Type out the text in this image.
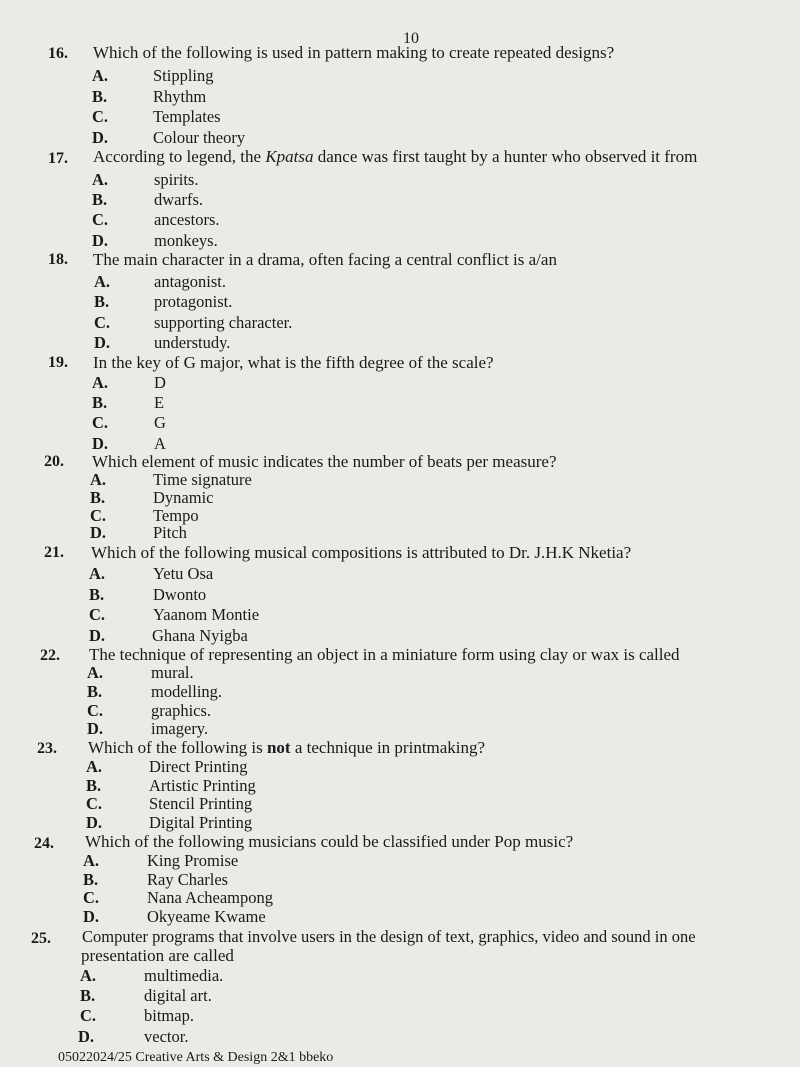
10
16. Which of the following is used in pattern making to create repeated designs?
A.	Stippling
B.	Rhythm
C.	Templates
D.	Colour theory
17. According to legend, the Kpatsa dance was first taught by a hunter who observed it from
A.	spirits.
B.	dwarfs.
C.	ancestors.
D.	monkeys.
18. The main character in a drama, often facing a central conflict is a/an
A.	antagonist.
B.	protagonist.
C.	supporting character.
D.	understudy.
19. In the key of G major, what is the fifth degree of the scale?
A.	D
B.	E
C.	G
D.	A
20. Which element of music indicates the number of beats per measure?
A.	Time signature
B.	Dynamic
C.	Tempo
D.	Pitch
21. Which of the following musical compositions is attributed to Dr. J.H.K Nketia?
A.	Yetu Osa
B.	Dwonto
C.	Yaanom Montie
D.	Ghana Nyigba
22. The technique of representing an object in a miniature form using clay or wax is called
A.	mural.
B.	modelling.
C.	graphics.
D.	imagery.
23. Which of the following is not a technique in printmaking?
A.	Direct Printing
B.	Artistic Printing
C.	Stencil Printing
D.	Digital Printing
24. Which of the following musicians could be classified under Pop music?
A.	King Promise
B.	Ray Charles
C.	Nana Acheampong
D.	Okyeame Kwame
25. Computer programs that involve users in the design of text, graphics, video and sound in one
presentation are called
A.	multimedia.
B.	digital art.
C.	bitmap.
D.	vector.
05022024/25 Creative Arts & Design 2&1 bbeko
